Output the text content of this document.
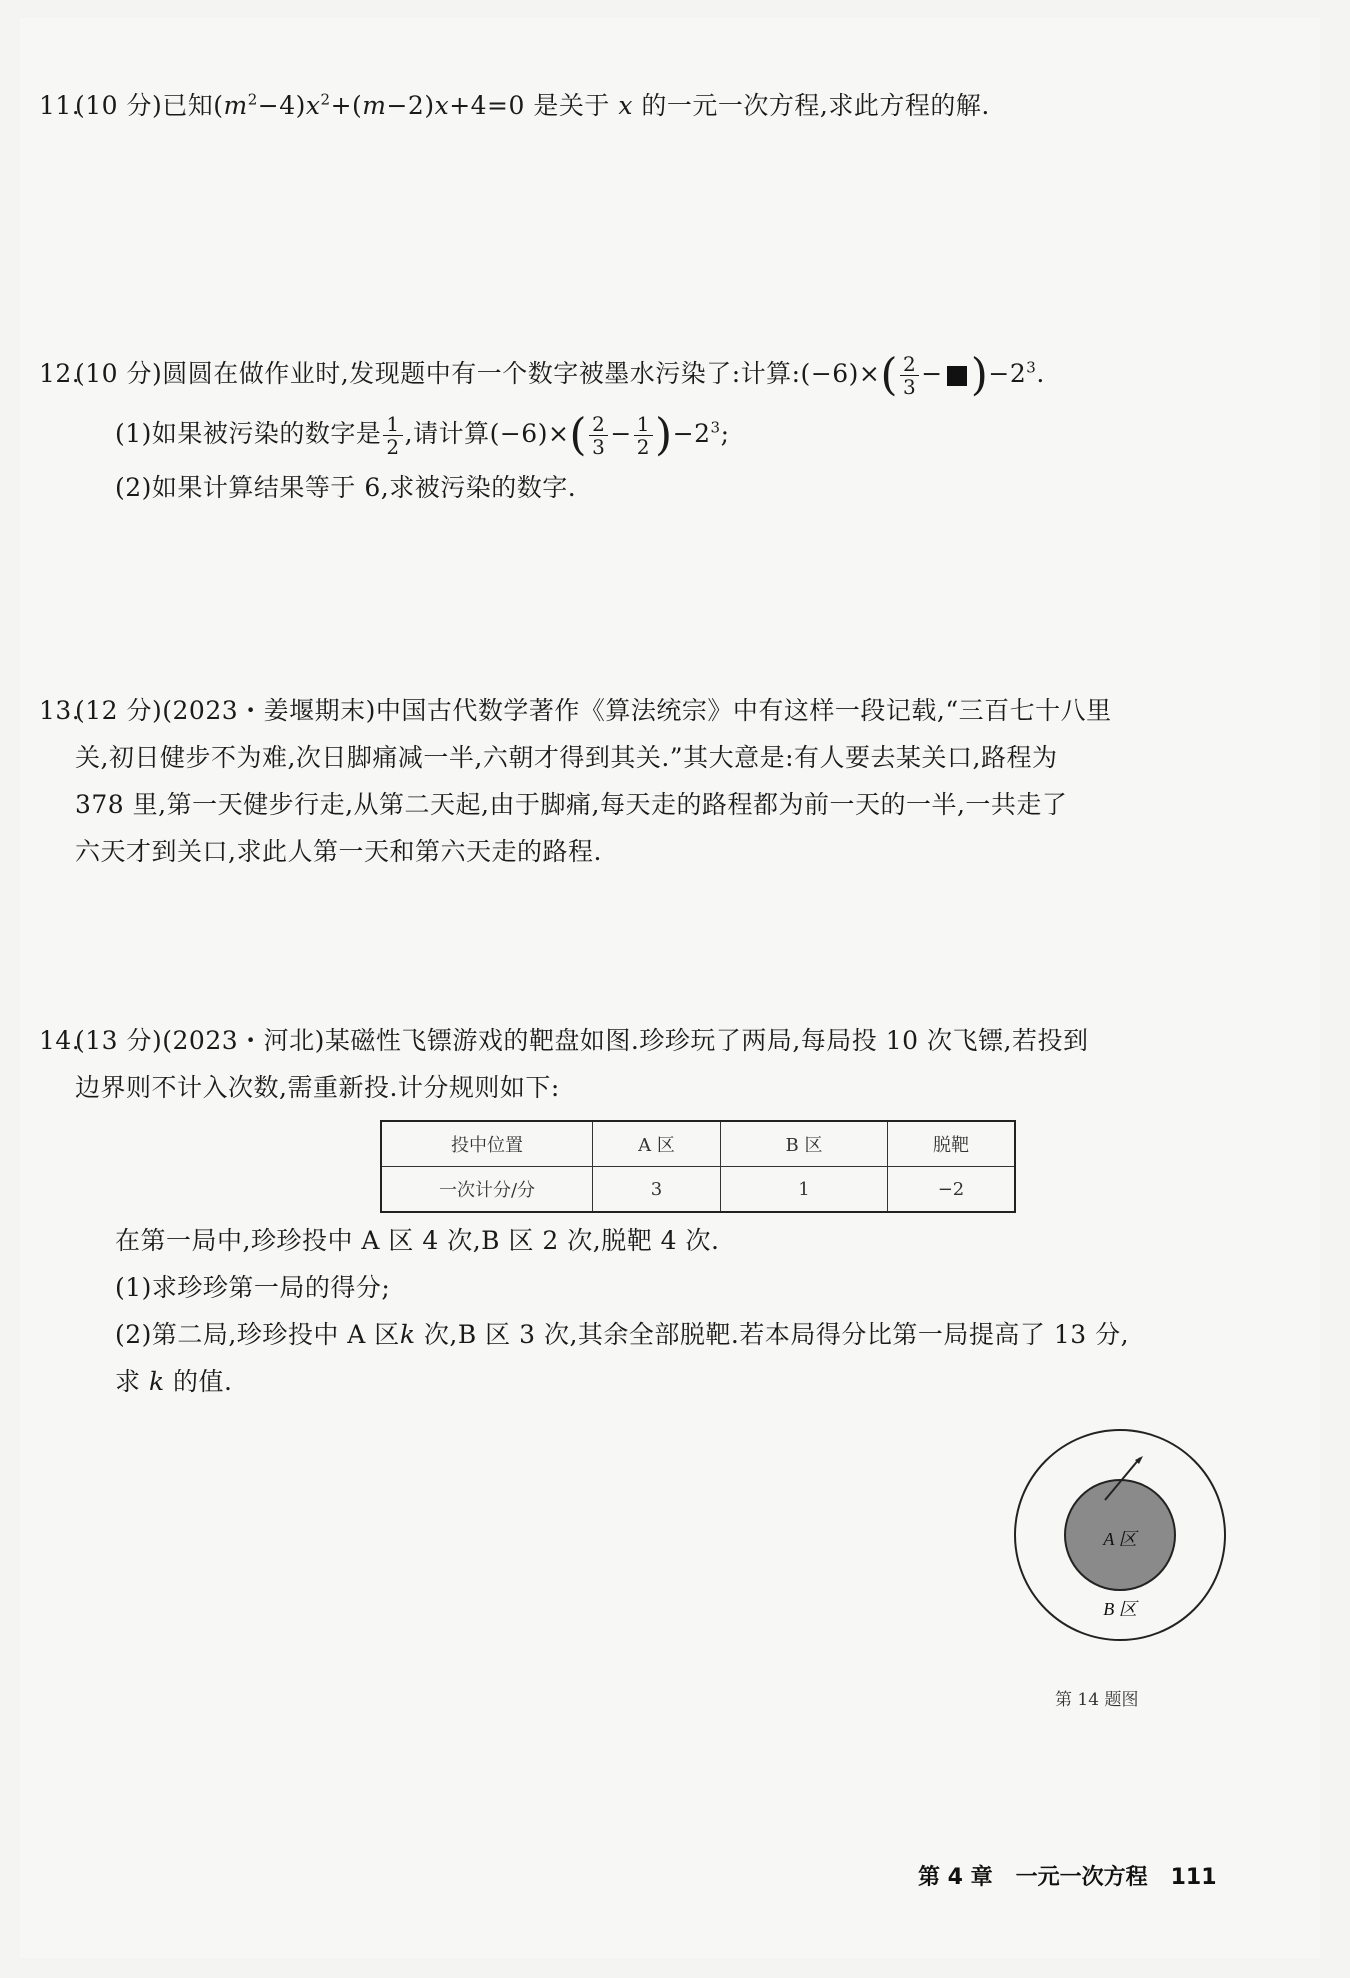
11.(10 分)已知$(m^2-4)x^2+(m-2)x+4=0$ 是关于 x 的一元一次方程,求此方程的解.
12.(10 分)圆圆在做作业时,发现题中有一个数字被墨水污染了:计算:(−6)×( $\frac{2}{3} - )-2^3$.
(1)如果被污染的数字是 $\frac{1}{2}$ ,请计算$(-6)\times( \frac{2}{3} - \frac{1}{2} )-2^3$;
(2)如果计算结果等于 6,求被污染的数字.
13.(12 分)(2023・姜堰期末)中国古代数学著作《算法统宗》中有这样一段记载,“三百七十八里
关,初日健步不为难,次日脚痛减一半,六朝才得到其关.”其大意是:有人要去某关口,路程为
378 里,第一天健步行走,从第二天起,由于脚痛,每天走的路程都为前一天的一半,一共走了
六天才到关口,求此人第一天和第六天走的路程.
14.(13 分)(2023・河北)某磁性飞镖游戏的靶盘如图.珍珍玩了两局,每局投 10 次飞镖,若投到
边界则不计入次数,需重新投.计分规则如下:
投中位置	A 区	B 区	脱靶
一次计分/分	3	1	−2
在第一局中,珍珍投中 A 区 4 次,B 区 2 次,脱靶 4 次.
(1)求珍珍第一局的得分;
(2)第二局,珍珍投中 A 区k 次,B 区 3 次,其余全部脱靶.若本局得分比第一局提高了 13 分,
求 k 的值.
A 区
B 区
第 14 题图
第 4 章 一元一次方程 111
